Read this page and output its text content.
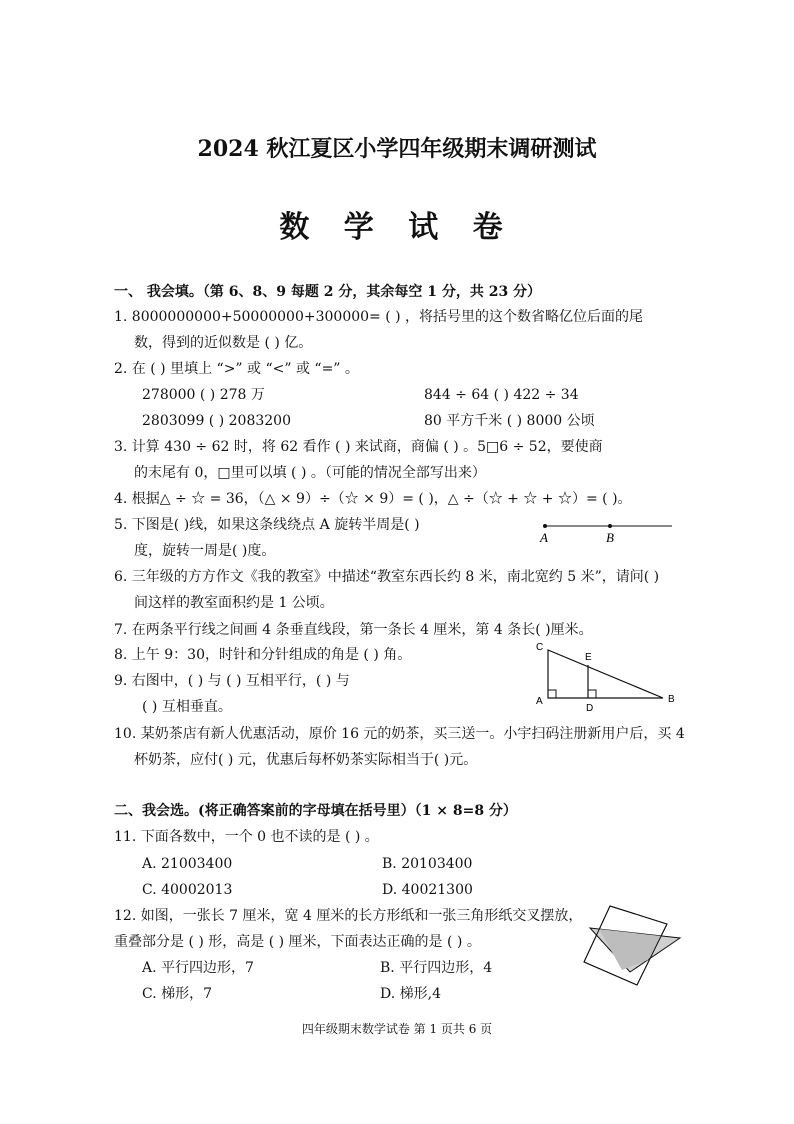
2024 秋江夏区小学四年级期末调研测试
数 学 试 卷
一、 我会填。（第 6、8、9 每题 2 分，其余每空 1 分，共 23 分）
1. 8000000000+50000000+300000= ( ) ，将括号里的这个数省略亿位后面的尾
数，得到的近似数是 ( ) 亿。
2. 在 ( ) 里填上 “>” 或 “<” 或 “=” 。
278000 ( ) 278 万	844 ÷ 64 ( ) 422 ÷ 34
2803099 ( ) 2083200	80 平方千米 ( ) 8000 公顷
3. 计算 430 ÷ 62 时，将 62 看作 ( ) 来试商，商偏 ( ) 。5□6 ÷ 52，要使商
的末尾有 0，□里可以填 ( ) 。（可能的情况全部写出来）
4. 根据△ ÷ ☆ = 36，（△ × 9）÷（☆ × 9）= ( )，△ ÷（☆ + ☆ + ☆）= ( )。
5. 下图是( )线，如果这条线绕点 A 旋转半周是( )
度，旋转一周是( )度。
6. 三年级的方方作文《我的教室》中描述“教室东西长约 8 米，南北宽约 5 米”，请问( )
间这样的教室面积约是 1 公顷。
7. 在两条平行线之间画 4 条垂直线段，第一条长 4 厘米，第 4 条长( )厘米。
8. 上午 9：30，时针和分针组成的角是 ( ) 角。
9. 右图中，( ) 与 ( ) 互相平行，( ) 与
( ) 互相垂直。
10. 某奶茶店有新人优惠活动，原价 16 元的奶茶，买三送一。小宇扫码注册新用户后，买 4
杯奶茶，应付( ) 元，优惠后每杯奶茶实际相当于( )元。
A	B
C
E
A
D
B
二、我会选。(将正确答案前的字母填在括号里）（1 × 8=8 分）
11. 下面各数中，一个 0 也不读的是 ( ) 。
A. 21003400	B. 20103400
C. 40002013	D. 40021300
12. 如图，一张长 7 厘米，宽 4 厘米的长方形纸和一张三角形纸交叉摆放，
重叠部分是 ( ) 形，高是 ( ) 厘米，下面表达正确的是 ( ) 。
A. 平行四边形，7	B. 平行四边形，4
C. 梯形，7	D. 梯形,4
四年级期末数学试卷 第 1 页共 6 页
